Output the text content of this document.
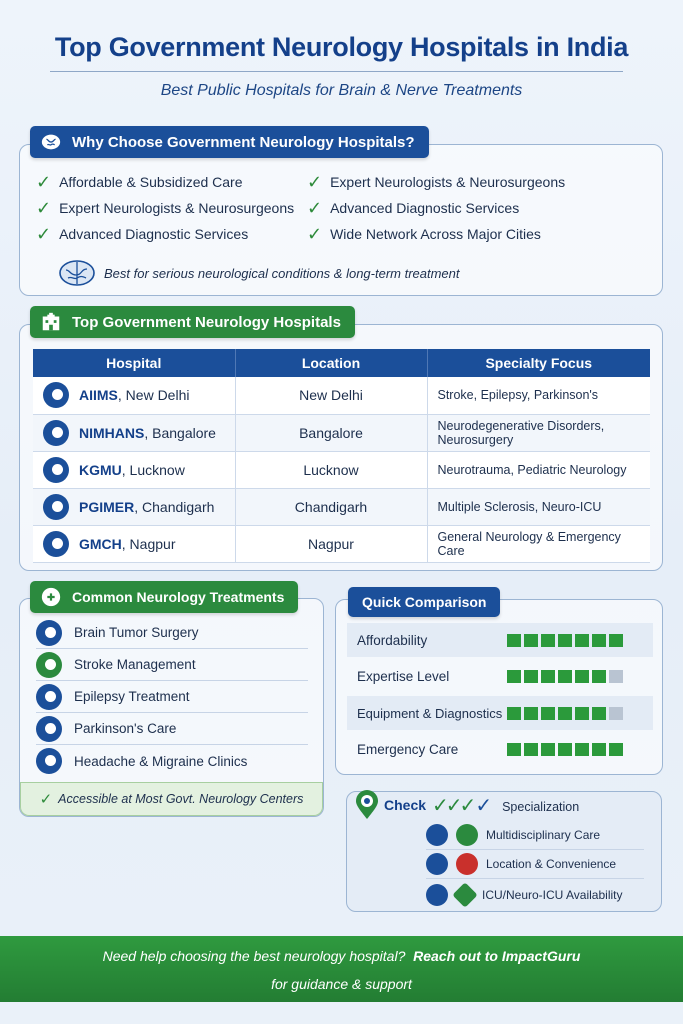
Top Government Neurology Hospitals in India
Best Public Hospitals for Brain & Nerve Treatments
Why Choose Government Neurology Hospitals?
✓ Affordable & Subsidized Care
✓ Expert Neurologists & Neurosurgeons
✓ Advanced Diagnostic Services
✓ Expert Neurologists & Neurosurgeons
✓ Advanced Diagnostic Services
✓ Wide Network Across Major Cities
Best for serious neurological conditions & long-term treatment
Top Government Neurology Hospitals
Hospital	Location	Specialty Focus

AIIMS , New Delhi	New Delhi	Stroke, Epilepsy, Parkinson's

NIMHANS , Bangalore	Bangalore	Neurodegenerative Disorders, Neurosurgery

KGMU , Lucknow	Lucknow	Neurotrauma, Pediatric Neurology

PGIMER , Chandigarh	Chandigarh	Multiple Sclerosis, Neuro-ICU

GMCH , Nagpur	Nagpur	General Neurology & Emergency Care
Common Neurology Treatments
Brain Tumor Surgery
Stroke Management
Epilepsy Treatment
Parkinson's Care
Headache & Migraine Clinics
✓ Accessible at Most Govt. Neurology Centers
Quick Comparison
Affordability
Expertise Level
Equipment & Diagnostics
Emergency Care
Check ✓✓✓ ✓ Specialization
Multidisciplinary Care
Location & Convenience
ICU/Neuro-ICU Availability
Need help choosing the best neurology hospital? Reach out to ImpactGuru
for guidance & support
